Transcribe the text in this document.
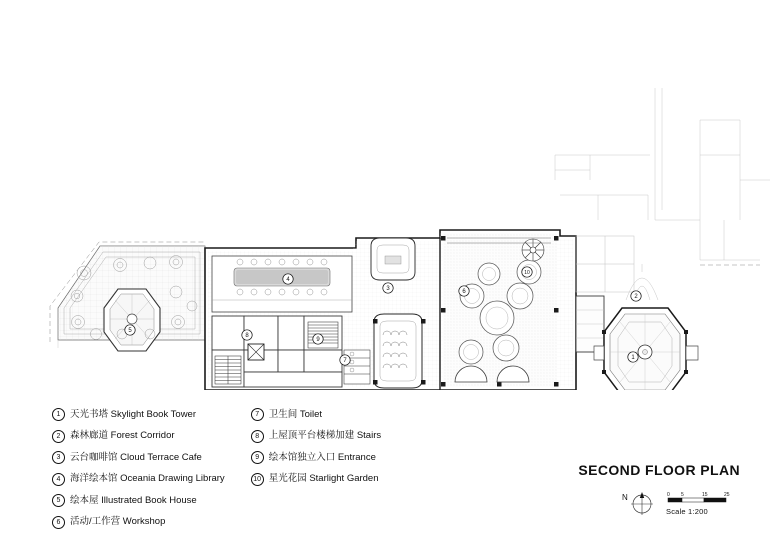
1
2
3
4
5
6
7
8
9
10
1	天光书塔 Skylight Book Tower
2	森林廊道 Forest Corridor
3	云台咖啡馆 Cloud Terrace Cafe
4	海洋绘本馆 Oceania Drawing Library
5	绘本屋 Illustrated Book House
6	活动/工作营 Workshop
7	卫生间 Toilet
8	上屋顶平台楼梯加建 Stairs
9	绘本馆独立入口 Entrance
10 星光花园 Starlight Garden
SECOND FLOOR PLAN
N	0 5	15	25
Scale 1:200
